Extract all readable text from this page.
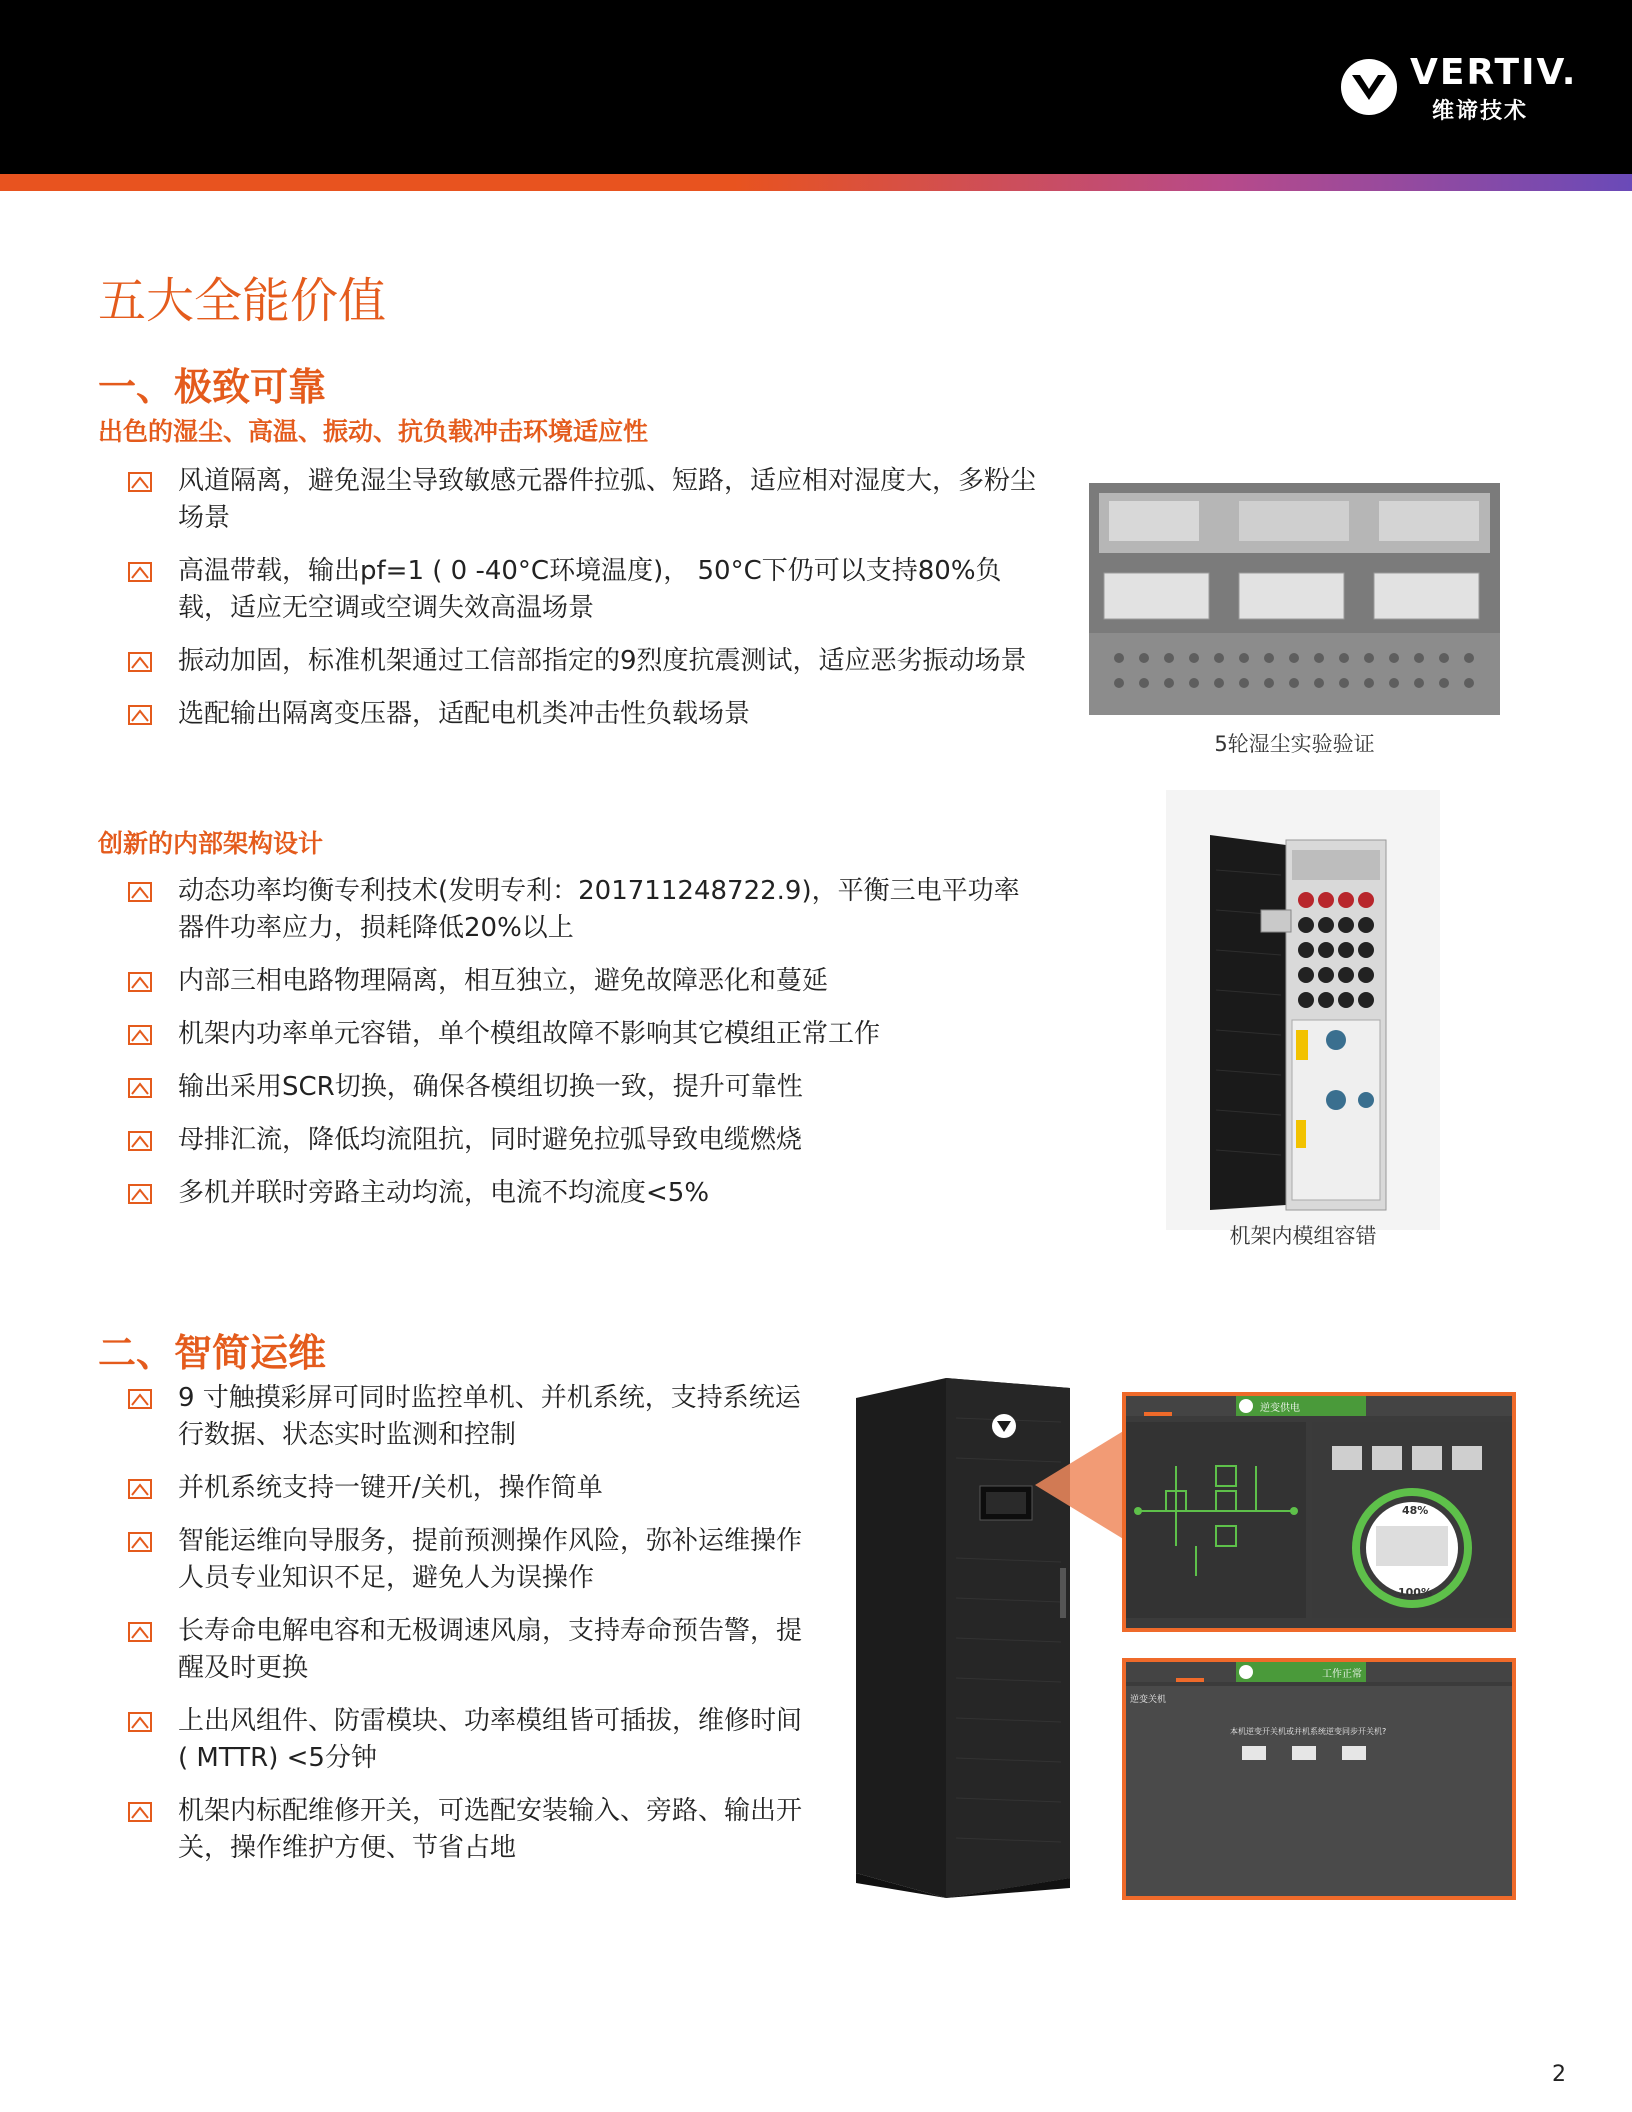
VERTIV.
维谛技术
五大全能价值
一、极致可靠
出色的湿尘、高温、振动、抗负载冲击环境适应性
风道隔离，避免湿尘导致敏感元器件拉弧、短路，适应相对湿度大，多粉尘场景
高温带载，输出pf=1 ( 0 -40°C环境温度)， 50°C下仍可以支持80%负载，适应无空调或空调失效高温场景
振动加固，标准机架通过工信部指定的9烈度抗震测试，适应恶劣振动场景
选配输出隔离变压器，适配电机类冲击性负载场景
5轮湿尘实验验证
创新的内部架构设计
动态功率均衡专利技术(发明专利：201711248722.9)，平衡三电平功率器件功率应力，损耗降低20%以上
内部三相电路物理隔离，相互独立，避免故障恶化和蔓延
机架内功率单元容错，单个模组故障不影响其它模组正常工作
输出采用SCR切换，确保各模组切换一致，提升可靠性
母排汇流，降低均流阻抗，同时避免拉弧导致电缆燃烧
多机并联时旁路主动均流，电流不均流度<5%
机架内模组容错
二、智简运维
9 寸触摸彩屏可同时监控单机、并机系统，支持系统运行数据、状态实时监测和控制
并机系统支持一键开/关机，操作简单
智能运维向导服务，提前预测操作风险，弥补运维操作人员专业知识不足，避免人为误操作
长寿命电解电容和无极调速风扇，支持寿命预告警，提醒及时更换
上出风组件、防雷模块、功率模组皆可插拔，维修时间( MTTR) <5分钟
机架内标配维修开关，可选配安装输入、旁路、输出开关，操作维护方便、节省占地
48%
100%
逆变供电
工作正常
逆变关机
本机逆变开关机或并机系统逆变同步开关机?
2
